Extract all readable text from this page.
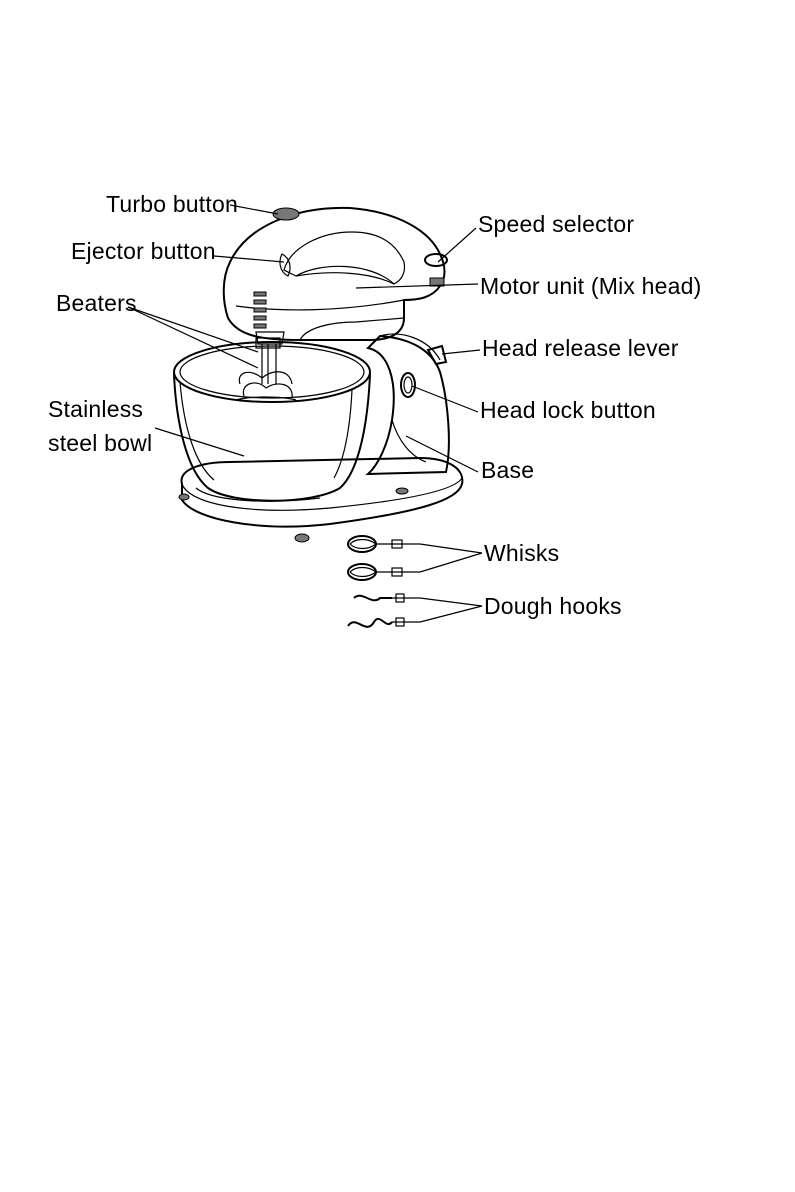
Turbo button
Ejector button
Beaters
Stainless
steel bowl
Speed selector
Motor unit (Mix head)
Head release lever
Head lock button
Base
Whisks
Dough hooks
